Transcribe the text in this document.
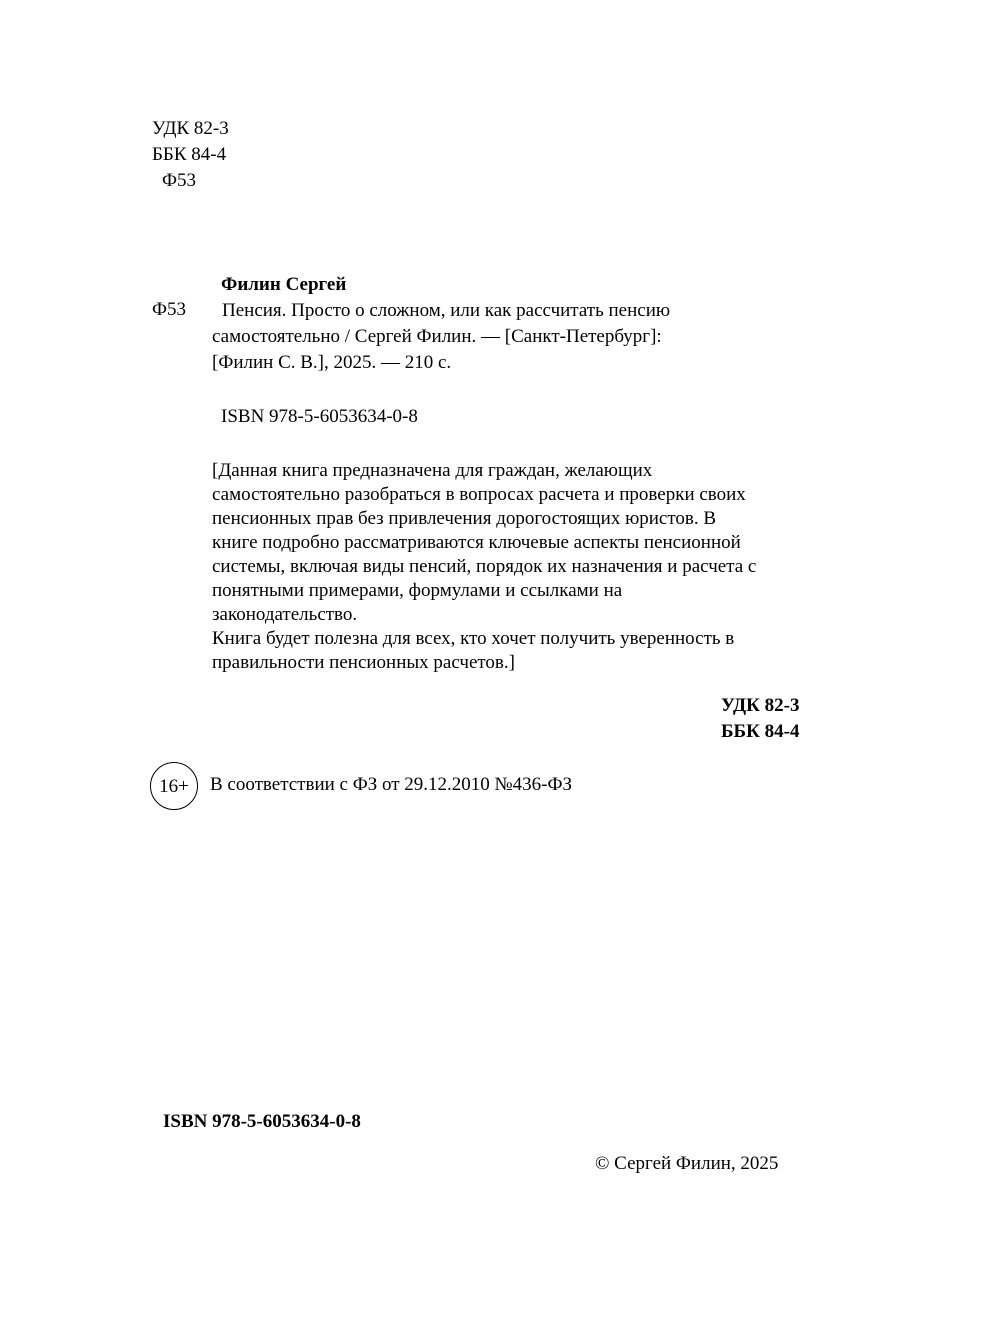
УДК 82-3
ББК 84-4
Ф53
Филин Сергей
Ф53	Пенсия. Просто о сложном, или как рассчитать пенсию
самостоятельно / Сергей Филин. — [Санкт-Петербург]:
[Филин С. В.], 2025. — 210 с.
ISBN 978-5-6053634-0-8
[Данная книга предназначена для граждан, желающих
самостоятельно разобраться в вопросах расчета и проверки своих
пенсионных прав без привлечения дорогостоящих юристов. В
книге подробно рассматриваются ключевые аспекты пенсионной
системы, включая виды пенсий, порядок их назначения и расчета с
понятными примерами, формулами и ссылками на
законодательство.
Книга будет полезна для всех, кто хочет получить уверенность в
правильности пенсионных расчетов.]
УДК 82-3
ББК 84-4
16+	В соответствии с ФЗ от 29.12.2010 №436-ФЗ
ISBN 978-5-6053634-0-8
© Сергей Филин, 2025
